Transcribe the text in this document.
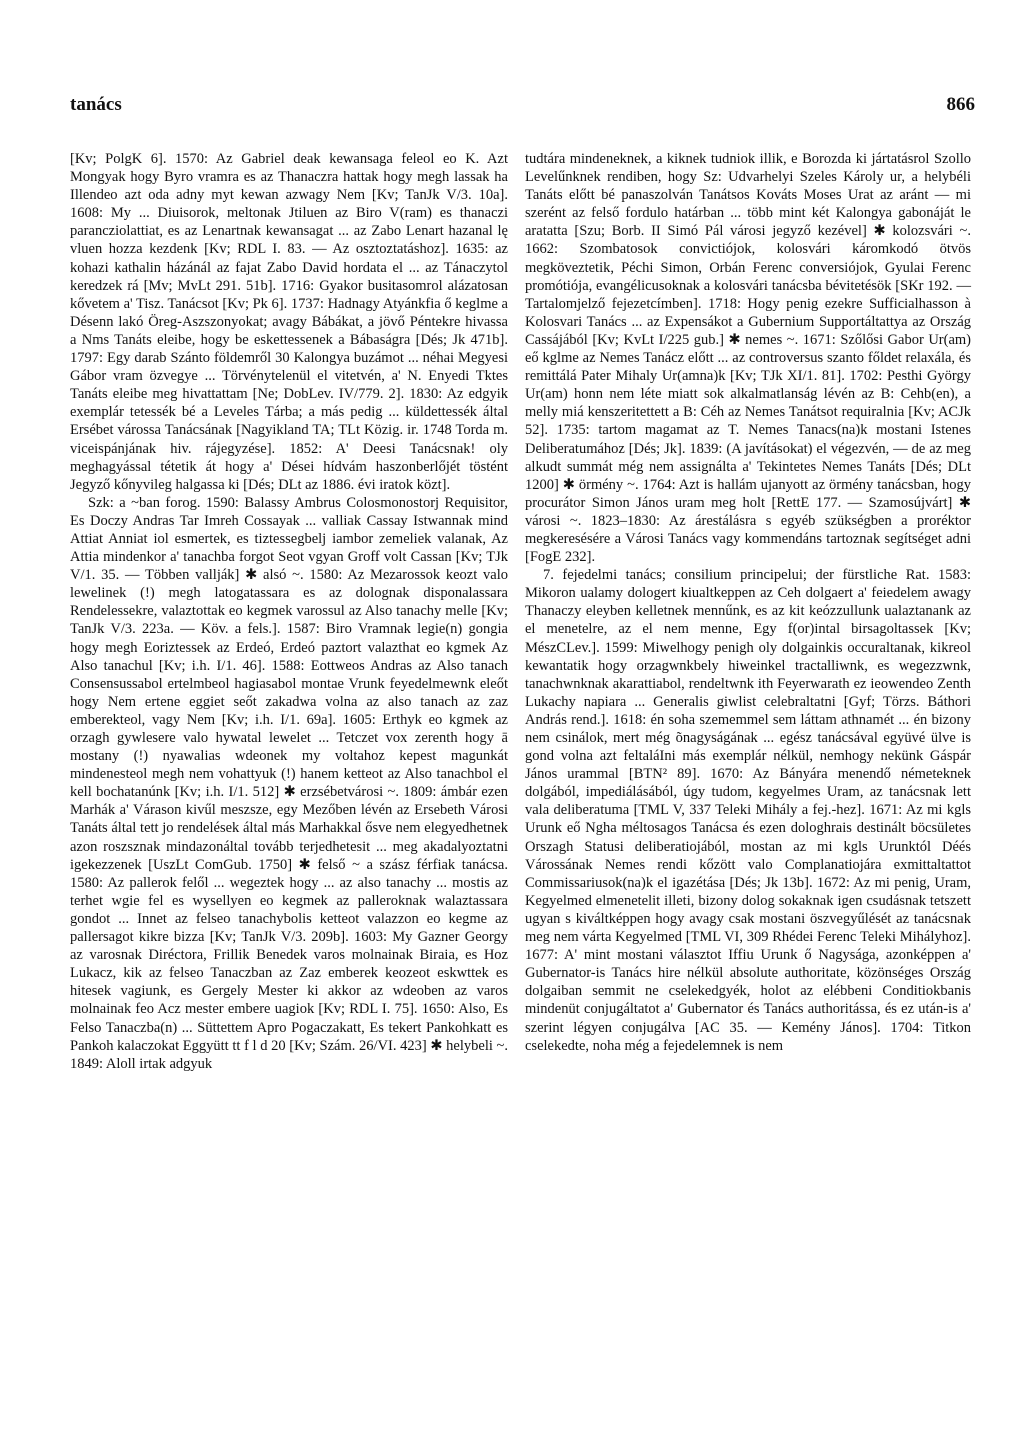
tanács	866

[Kv; PolgK 6]. 1570: Az Gabriel deak kewansaga feleol eo K. Azt Mongyak hogy Byro vramra es az Thanaczra hattak hogy megh lassak ha Illendeo azt oda adny myt kewan azwagy Nem [Kv; TanJk V/3. 10a]. 1608: My ... Diuisorok, meltonak Jtiluen az Biro V(ram) es thanaczi parancziolattiat, es az Lenartnak kewansagat ... az Zabo Lenart hazanal lę vluen hozza kezdenk [Kv; RDL I. 83. — Az osztoztatáshoz]. 1635: az kohazi kathalin házánál az fajat Zabo David hordata el ... az Tánaczytol keredzek rá [Mv; MvLt 291. 51b]. 1716: Gyakor busitasomrol alázatosan kővetem a' Tisz. Tanácsot [Kv; Pk 6]. 1737: Hadnagy Atyánkfia ő keglme a Désenn lakó Öreg-Aszszonyokat; avagy Bábákat, a jövő Péntekre hivassa a Nms Tanáts eleibe, hogy be eskettessenek a Bábaságra [Dés; Jk 471b]. 1797: Egy darab Szánto földemről 30 Kalongya buzámot ... néhai Megyesi Gábor vram özvegye ... Törvénytelenül el vitetvén, a' N. Enyedi Tktes Tanáts eleibe meg hivattattam [Ne; DobLev. IV/779. 2]. 1830: Az edgyik exemplár tetessék bé a Leveles Tárba; a más pedig ... küldettessék által Ersébet várossa Tanácsának [Nagyikland TA; TLt Közig. ir. 1748 Torda m. viceispánjának hiv. rájegyzése]. 1852: A' Deesi Tanácsnak! oly meghagyással tétetik át hogy a' Dései hídvám haszonberlőjét töstént Jegyző kőnyvileg halgassa ki [Dés; DLt az 1886. évi iratok közt].

Szk: a ~ban forog. 1590: Balassy Ambrus Colosmonostorj Requisitor, Es Doczy Andras Tar Imreh Cossayak ... valliak Cassay Istwannak mind Attiat Anniat iol esmertek, es tiztessegbelj iambor zemeliek valanak, Az Attia mindenkor a' tanachba forgot Seot vgyan Groff volt Cassan [Kv; TJk V/1. 35. — Többen vallják] ✱ alsó ~. 1580: Az Mezarossok keozt valo lewelinek (!) megh latogatassara es az dolognak disponalassara Rendelessekre, valaztottak eo kegmek varossul az Also tanachy melle [Kv; TanJk V/3. 223a. — Köv. a fels.]. 1587: Biro Vramnak legie(n) gongia hogy megh Eoriztessek az Erdeó, Erdeó paztort valazthat eo kgmek Az Also tanachul [Kv; i.h. I/1. 46]. 1588: Eottweos Andras az Also tanach Consensussabol ertelmbeol hagiasabol montae Vrunk feyedelmewnk eleőt hogy Nem ertene eggiet seőt zakadwa volna az also tanach az zaz emberekteol, vagy Nem [Kv; i.h. I/1. 69a]. 1605: Erthyk eo kgmek az orzagh gywlesere valo hywatal lewelet ... Tetczet vox zerenth hogy ā mostany (!) nyawalias wdeonek my voltahoz kepest magunkát mindenesteol megh nem vohattyuk (!) hanem ketteot az Also tanachbol el kell bochatanúnk [Kv; i.h. I/1. 512] ✱ erzsébetvárosi ~. 1809: ámbár ezen Marhák a' Várason kivűl meszsze, egy Mezőben lévén az Ersebeth Városi Tanáts által tett jo rendelések által más Marhakkal ősve nem elegyedhetnek azon roszsznak mindazonáltal tovább terjedhetesit ... meg akadalyoztatni igekezzenek [UszLt ComGub. 1750] ✱ felső ~ a szász férfiak tanácsa. 1580: Az pallerok felől ... wegeztek hogy ... az also tanachy ... mostis az terhet wgie fel es wysellyen eo kegmek az palleroknak walaztassara gondot ... Innet az felseo tanachybolis ketteot valazzon eo kegme az pallersagot kikre bizza [Kv; TanJk V/3. 209b]. 1603: My Gazner Georgy az varosnak Diréctora, Frillik Benedek varos molnainak Biraia, es Hoz Lukacz, kik az felseo Tanaczban az Zaz emberek keozeot eskwttek es hitesek vagiunk, es Gergely Mester ki akkor az wdeoben az varos molnainak feo Acz mester embere uagiok [Kv; RDL I. 75]. 1650: Also, Es Felso Tanaczba(n) ... Süttettem Apro Pogaczakatt, Es tekert Pankohkatt es Pankoh kalaczokat Eggyütt tt f l d 20 [Kv; Szám. 26/VI. 423] ✱ helybeli ~. 1849: Aloll irtak adgyuk

tudtára mindeneknek, a kiknek tudniok illik, e Borozda ki jártatásrol Szollo Levelűnknek rendiben, hogy Sz: Udvarhelyi Szeles Károly ur, a helybéli Tanáts előtt bé panaszolván Tanátsos Kováts Moses Urat az aránt — mi szerént az felső fordulo határban ... több mint két Kalongya gabonáját le aratatta [Szu; Borb. II Simó Pál városi jegyző kezével] ✱ kolozsvári ~. 1662: Szombatosok convictiójok, kolosvári káromkodó ötvös megköveztetik, Péchi Simon, Orbán Ferenc conversiójok, Gyulai Ferenc promótiója, evangélicusoknak a kolosvári tanácsba bévitetésök [SKr 192. — Tartalomjelző fejezetcímben]. 1718: Hogy penig ezekre Sufficialhasson à Kolosvari Tanács ... az Expensákot a Gubernium Supportáltattya az Ország Cassájából [Kv; KvLt I/225 gub.] ✱ nemes ~. 1671: Szőlősi Gabor Ur(am) eő kglme az Nemes Tanácz előtt ... az controversus szanto főldet relaxála, és remittálá Pater Mihaly Ur(amna)k [Kv; TJk XI/1. 81]. 1702: Pesthi György Ur(am) honn nem léte miatt sok alkalmatlanság lévén az B: Cehb(en), a melly miá kenszeritettett a B: Céh az Nemes Tanátsot requiralnia [Kv; ACJk 52]. 1735: tartom magamat az T. Nemes Tanacs(na)k mostani Istenes Deliberatumához [Dés; Jk]. 1839: (A javításokat) el végezvén, — de az meg alkudt summát még nem assignálta a' Tekintetes Nemes Tanáts [Dés; DLt 1200] ✱ örmény ~. 1764: Azt is hallám ujanyott az örmény tanácsban, hogy procurátor Simon János uram meg holt [RettE 177. — Szamosújvárt] ✱ városi ~. 1823–1830: Az árestálásra s egyéb szükségben a proréktor megkeresésére a Városi Tanács vagy kommendáns tartoznak segítséget adni [FogE 232].

7. fejedelmi tanács; consilium principelui; der fürstliche Rat. 1583: Mikoron ualamy dologert kiualtkeppen az Ceh dolgaert a' feiedelem awagy Thanaczy eleyben kelletnek mennűnk, es az kit keózzullunk ualaztanank az el menetelre, az el nem menne, Egy f(or)intal birsagoltassek [Kv; MészCLev.]. 1599: Miwelhogy penigh oly dolgainkis occuraltanak, kikreol kewantatik hogy orzagwnkbely hiweinkel tractalliwnk, es wegezzwnk, tanachwnknak akarattiabol, rendeltwnk ith Feyerwarath ez ieowendeo Zenth Lukachy napiara ... Generalis giwlist celebraltatni [Gyf; Törzs. Báthori András rend.]. 1618: én soha szememmel sem láttam athnamét ... én bizony nem csinálok, mert még õnagyságának ... egész tanácsával együvé ülve is gond volna azt feltaláIni más exemplár nélkül, nemhogy nekünk Gáspár János urammal [BTN² 89]. 1670: Az Bányára menendő németeknek dolgából, impediálásából, úgy tudom, kegyelmes Uram, az tanácsnak lett vala deliberatuma [TML V, 337 Teleki Mihály a fej.-hez]. 1671: Az mi kgls Urunk eő Ngha méltosagos Tanácsa és ezen dologhrais destinált böcsületes Orszagh Statusi deliberatiojából, mostan az mi kgls Urunktól Déés Várossának Nemes rendi kőzött valo Complanatiojára exmittaltattot Commissariusok(na)k el igazétása [Dés; Jk 13b]. 1672: Az mi penig, Uram, Kegyelmed elmenetelit illeti, bizony dolog sokaknak igen csudásnak tetszett ugyan s kiváltképpen hogy avagy csak mostani öszvegyűlését az tanácsnak meg nem várta Kegyelmed [TML VI, 309 Rhédei Ferenc Teleki Mihályhoz]. 1677: A' mint mostani választot Iffiu Urunk ő Nagysága, azonképpen a' Gubernator-is Tanács hire nélkül absolute authoritate, közönséges Ország dolgaiban semmit ne cselekedgyék, holot az elébbeni Conditiokbanis mindenüt conjugáltatot a' Gubernator és Tanács authoritássa, és ez után-is a' szerint légyen conjugálva [AC 35. — Kemény János]. 1704: Titkon cselekedte, noha még a fejedelemnek is nem
